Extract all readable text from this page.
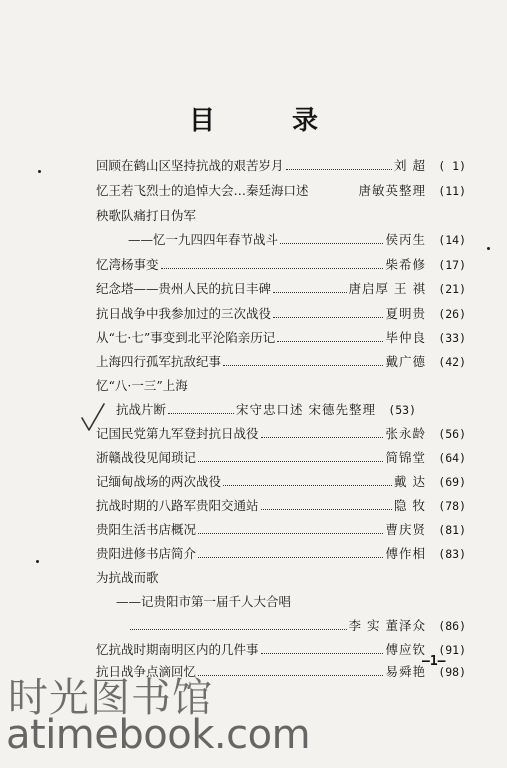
目 录
回顾在鹤山区坚持抗战的艰苦岁月	刘 超	( 1)
忆王若飞烈士的追悼大会…秦廷海口述	唐敏英整理	(11)
秧歌队痛打日伪军
——忆一九四四年春节战斗	侯丙生	(14)
忆湾杨事变	柴希修	(17)
纪念塔——贵州人民的抗日丰碑	唐启厚 王 祺	(21)
抗日战争中我参加过的三次战役	夏明贵	(26)
从“七·七”事变到北平沦陷亲历记	毕仲良	(33)
上海四行孤军抗敌纪事	戴广德	(42)
忆“八·一三”上海
抗战片断	宋守忠口述 宋德先整理	(53)
记国民党第九军登封抗日战役	张永龄	(56)
浙赣战役见闻琐记	简锦堂	(64)
记缅甸战场的两次战役	戴 达	(69)
抗战时期的八路军贵阳交通站	隐 牧	(78)
贵阳生活书店概况	曹庆贤	(81)
贵阳进修书店简介	傅作相	(83)
为抗战而歌
——记贵阳市第一届千人大合唱
李 实 董泽众	(86)
忆抗战时期南明区内的几件事	傅应钦	(91)
抗日战争点滴回忆	易舜艳	(98)
—1—
时光图书馆
atimebook.com
